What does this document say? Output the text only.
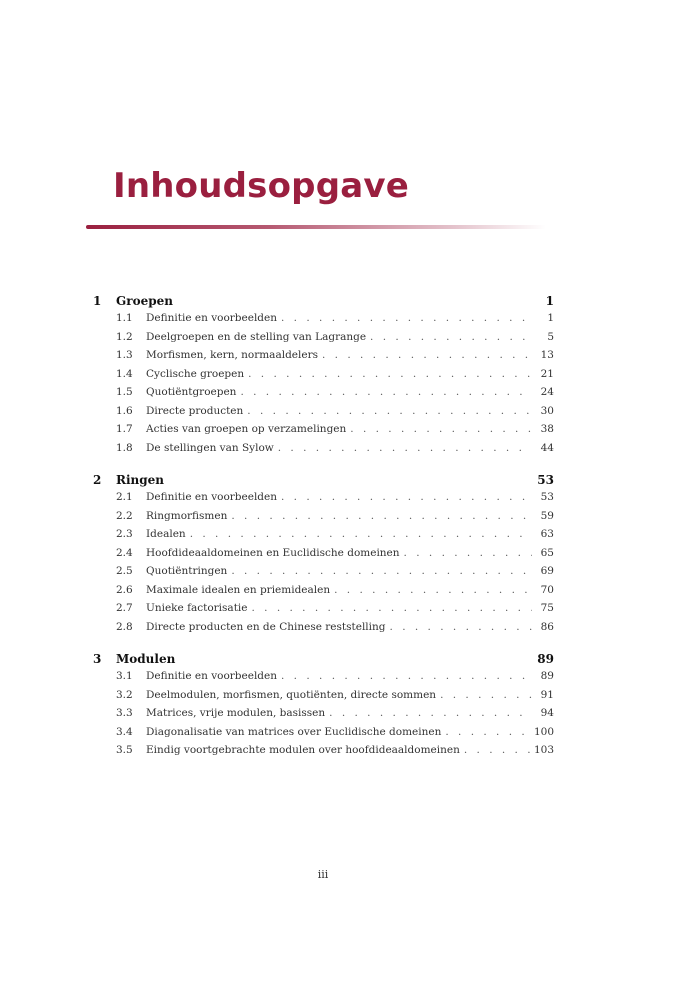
Inhoudsopgave
1	Groepen	1
1.1	Definitie en voorbeelden . . .	1
1.2	Deelgroepen en de stelling van Lagrange . . .	5
1.3	Morfismen, kern, normaaldelers . . .	13
1.4	Cyclische groepen . . .	21
1.5	Quotiëntgroepen . . .	24
1.6	Directe producten . . .	30
1.7	Acties van groepen op verzamelingen . . .	38
1.8	De stellingen van Sylow . . .	44
2	Ringen	53
2.1	Definitie en voorbeelden . . .	53
2.2	Ringmorfismen . . .	59
2.3	Idealen . . .	63
2.4	Hoofdideaaldomeinen en Euclidische domeinen . . .	65
2.5	Quotiëntringen . . .	69
2.6	Maximale idealen en priemidealen . . .	70
2.7	Unieke factorisatie . . .	75
2.8	Directe producten en de Chinese reststelling . . .	86
3	Modulen	89
3.1	Definitie en voorbeelden . . .	89
3.2	Deelmodulen, morfismen, quotiënten, directe sommen . . .	91
3.3	Matrices, vrije modulen, basissen . . .	94
3.4	Diagonalisatie van matrices over Euclidische domeinen . . .	100
3.5	Eindig voortgebrachte modulen over hoofdideaaldomeinen . . .	103
iii
